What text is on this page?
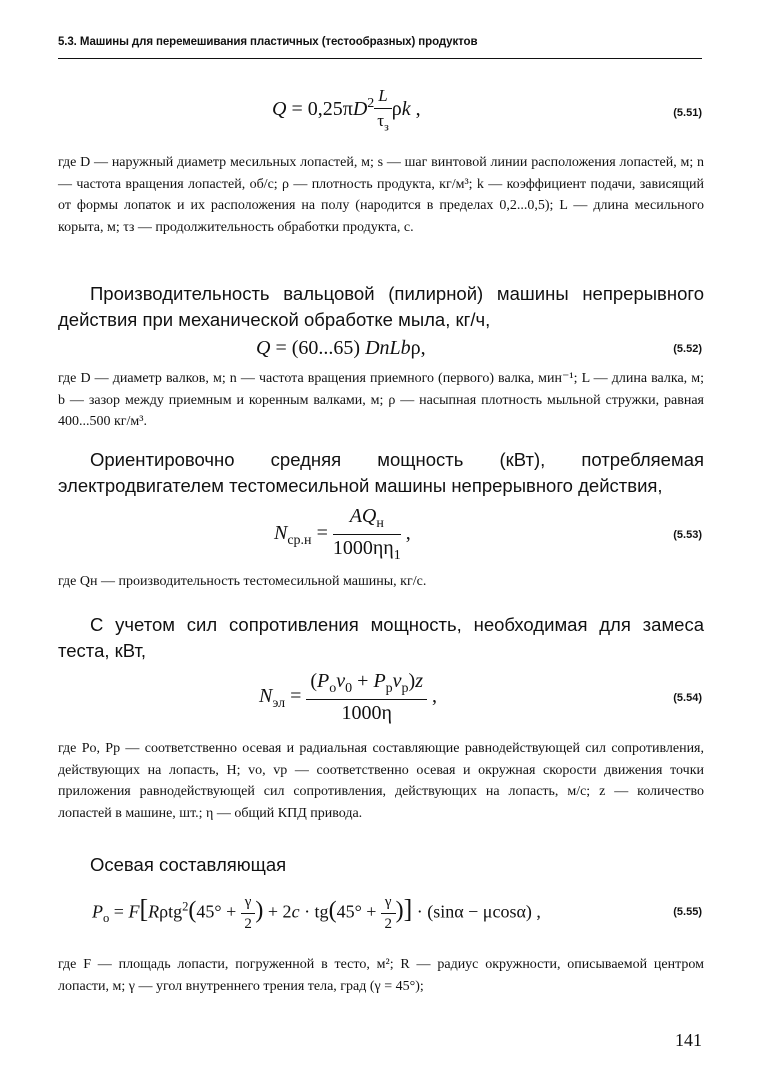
5.3. Машины для перемешивания пластичных (тестообразных) продуктов
$Q = 0,25\pi D^2 \frac{L}{\tau_з}$ ρk ,	(5.51)
где D — наружный диаметр месильных лопастей, м; s — шаг винтовой линии расположения лопастей, м; n — частота вращения лопастей, об/с; ρ — плотность продукта, кг/м³; k — коэффициент подачи, зависящий от формы лопаток и их расположения на полу (наpодится в пределах 0,2...0,5); L — длина месильного корыта, м; τз — продолжительность обработки продукта, с.
Производительность вальцовой (пилирной) машины непрерывного действия при механической обработке мыла, кг/ч,
Q = (60...65) DnLbρ,	(5.52)
где D — диаметр валков, м; n — частота вращения приемного (первого) валка, мин⁻¹; L — длина валка, м; b — зазор между приемным и коренным валками, м; ρ — насыпная плотность мыльной стружки, равная 400...500 кг/м³.
Ориентировочно средняя мощность (кВт), потребляемая электродвигателем тестомесильной машины непрерывного действия,
$N_{ср.н} = \frac{AQ_н}{1000\eta\eta_1}$ ,	(5.53)
где Qн — производительность тестомесильной машины, кг/с.
С учетом сил сопротивления мощность, необходимая для замеса теста, кВт,
$N_{эл} = \frac{(P_оv_0 + P_рv_р)z}{1000\eta}$ ,	(5.54)
где Pо, Pр — соответственно осевая и радиальная составляющие равнодействующей сил сопротивления, действующих на лопасть, Н; vо, vр — соответственно осевая и окружная скорости движения точки приложения равнодействующей сил сопротивления, действующих на лопасть, м/с; z — количество лопастей в машине, шт.; η — общий КПД привода.
Осевая составляющая
$P_о = F[R\rho tg^2(45^\circ + \frac{\gamma}{2}$ ) + $2c \cdot tg(45^\circ + \frac{\gamma}{2}$ )] · (sinα − μcosα) ,	(5.55)
где F — площадь лопасти, погруженной в тесто, м²; R — радиус окружности, описываемой центром лопасти, м; γ — угол внутреннего трения тела, град (γ = 45°);
141
